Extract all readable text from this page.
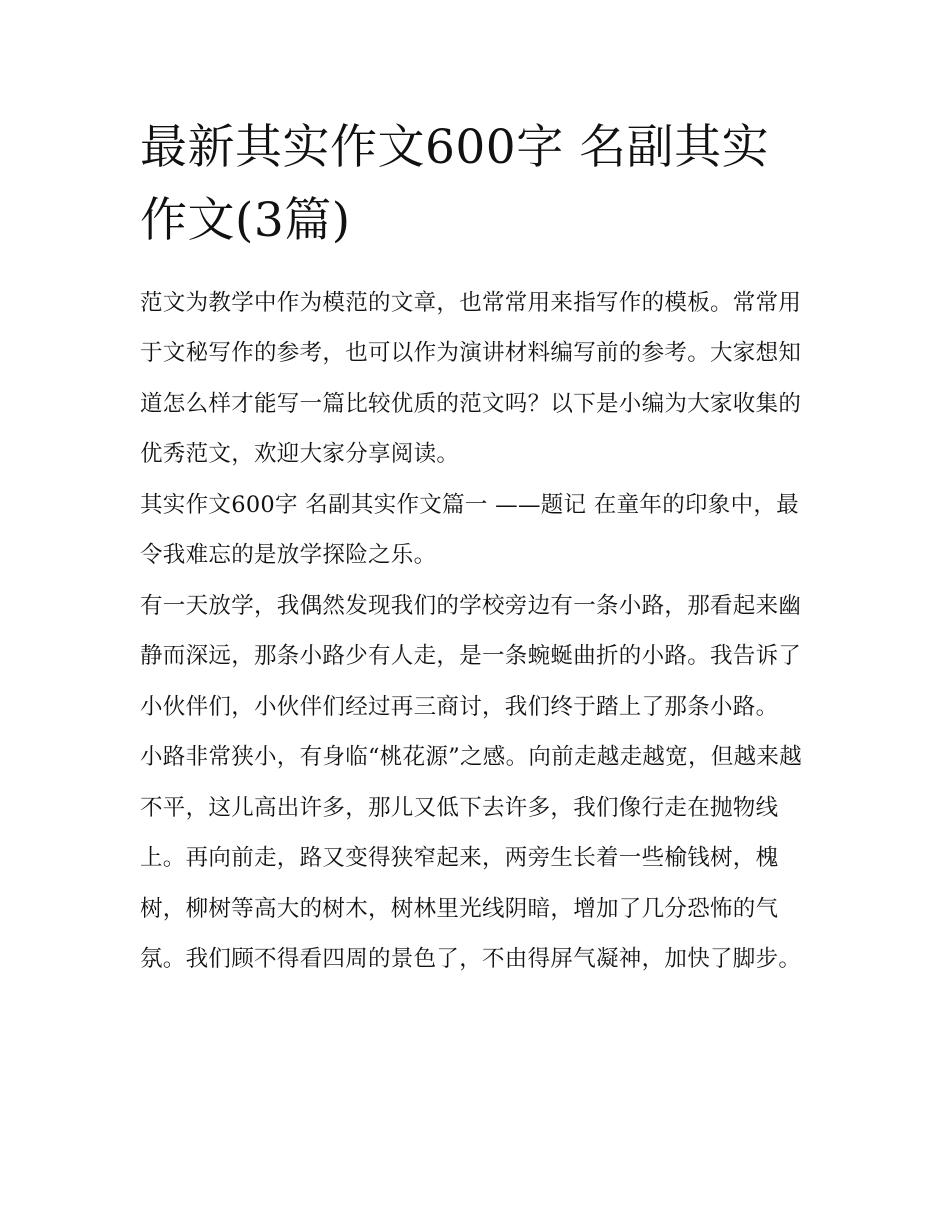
最新其实作文600字 名副其实作文(3篇)

范文为教学中作为模范的文章，也常常用来指写作的模板。常常用于文秘写作的参考，也可以作为演讲材料编写前的参考。大家想知道怎么样才能写一篇比较优质的范文吗？以下是小编为大家收集的优秀范文，欢迎大家分享阅读。

其实作文600字 名副其实作文篇一 ——题记 在童年的印象中，最令我难忘的是放学探险之乐。

有一天放学，我偶然发现我们的学校旁边有一条小路，那看起来幽静而深远，那条小路少有人走，是一条蜿蜒曲折的小路。我告诉了小伙伴们，小伙伴们经过再三商讨，我们终于踏上了那条小路。

小路非常狭小，有身临“桃花源”之感。向前走越走越宽，但越来越不平，这儿高出许多，那儿又低下去许多，我们像行走在抛物线上。再向前走，路又变得狭窄起来，两旁生长着一些榆钱树，槐树，柳树等高大的树木，树林里光线阴暗，增加了几分恐怖的气氛。我们顾不得看四周的景色了，不由得屏气凝神，加快了脚步。
